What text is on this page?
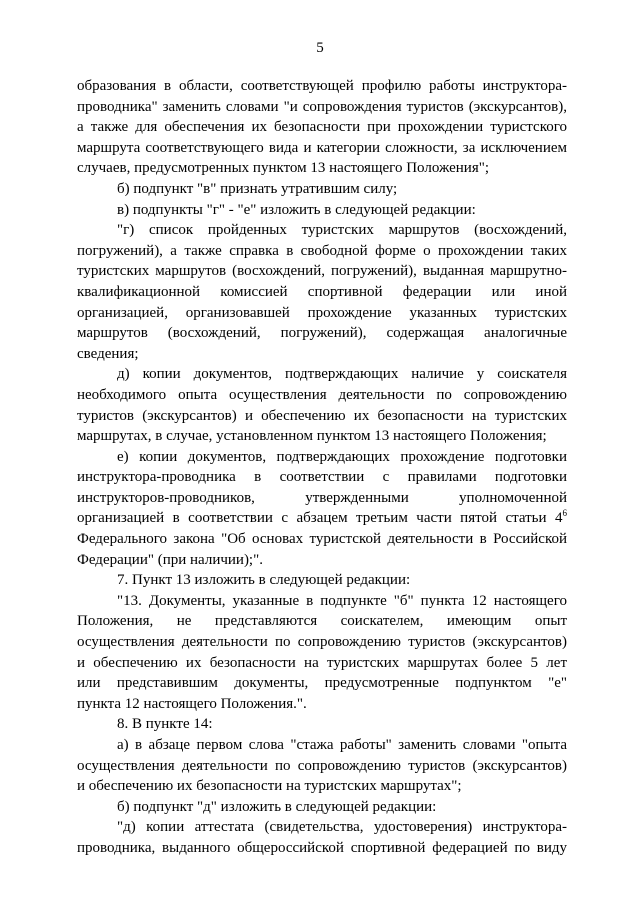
5
образования в области, соответствующей профилю работы инструктора-
проводника" заменить словами "и сопровождения туристов (экскурсантов),
а также для обеспечения их безопасности при прохождении туристского
маршрута соответствующего вида и категории сложности, за исключением
случаев, предусмотренных пунктом 13 настоящего Положения";
б) подпункт "в" признать утратившим силу;
в) подпункты "г" - "е" изложить в следующей редакции:
"г) список пройденных туристских маршрутов (восхождений,
погружений), а также справка в свободной форме о прохождении таких
туристских маршрутов (восхождений, погружений), выданная маршрутно-
квалификационной комиссией спортивной федерации или иной
организацией, организовавшей прохождение указанных туристских
маршрутов (восхождений, погружений), содержащая аналогичные
сведения;
д) копии документов, подтверждающих наличие у соискателя
необходимого опыта осуществления деятельности по сопровождению
туристов (экскурсантов) и обеспечению их безопасности на туристских
маршрутах, в случае, установленном пунктом 13 настоящего Положения;
е) копии документов, подтверждающих прохождение подготовки
инструктора-проводника в соответствии с правилами подготовки
инструкторов-проводников, утвержденными уполномоченной
организацией в соответствии с абзацем третьим части пятой статьи $4^6$
Федерального закона "Об основах туристской деятельности в Российской
Федерации" (при наличии);".
7. Пункт 13 изложить в следующей редакции:
"13. Документы, указанные в подпункте "б" пункта 12 настоящего
Положения, не представляются соискателем, имеющим опыт
осуществления деятельности по сопровождению туристов (экскурсантов)
и обеспечению их безопасности на туристских маршрутах более 5 лет
или представившим документы, предусмотренные подпунктом "е"
пункта 12 настоящего Положения.".
8. В пункте 14:
а) в абзаце первом слова "стажа работы" заменить словами "опыта
осуществления деятельности по сопровождению туристов (экскурсантов)
и обеспечению их безопасности на туристских маршрутах";
б) подпункт "д" изложить в следующей редакции:
"д) копии аттестата (свидетельства, удостоверения) инструктора-
проводника, выданного общероссийской спортивной федерацией по виду
